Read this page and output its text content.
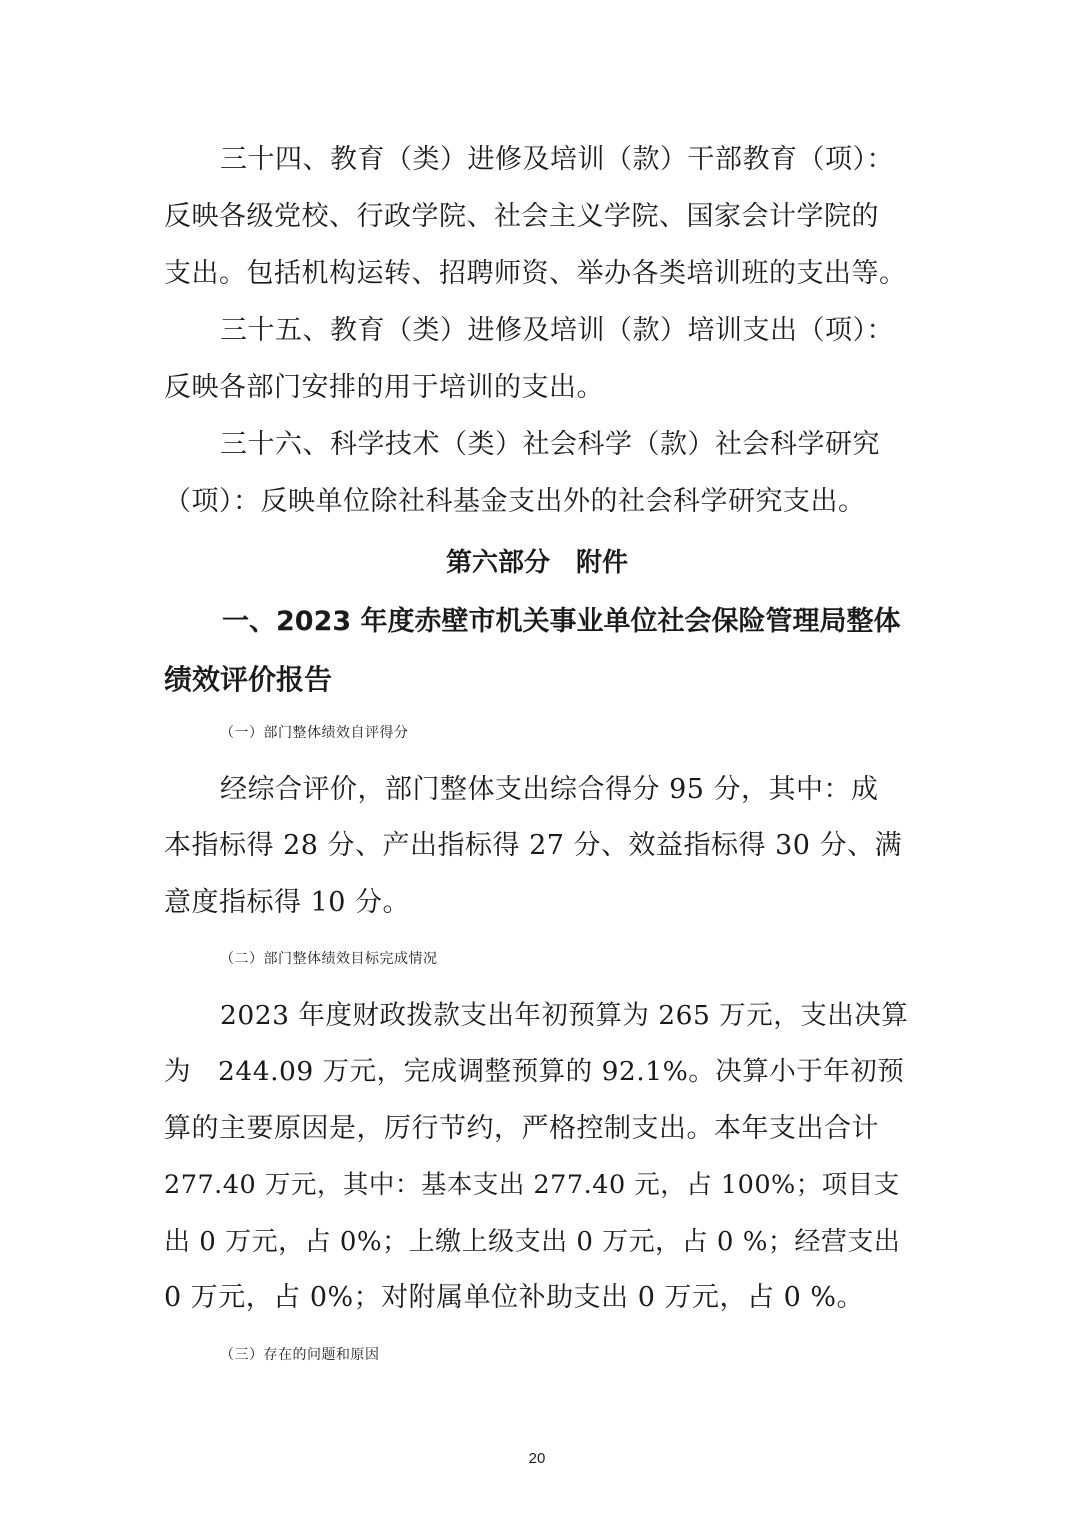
三十四、教育（类）进修及培训（款）干部教育（项）：
反映各级党校、行政学院、社会主义学院、国家会计学院的
支出。包括机构运转、招聘师资、举办各类培训班的支出等。
三十五、教育（类）进修及培训（款）培训支出（项）：
反映各部门安排的用于培训的支出。
三十六、科学技术（类）社会科学（款）社会科学研究
（项）：反映单位除社科基金支出外的社会科学研究支出。
第六部分　附件
一、2023 年度赤壁市机关事业单位社会保险管理局整体
绩效评价报告
（一）部门整体绩效自评得分
经综合评价，部门整体支出综合得分 95 分，其中：成
本指标得 28 分、产出指标得 27 分、效益指标得 30 分、满
意度指标得 10 分。
（二）部门整体绩效目标完成情况
2023 年度财政拨款支出年初预算为 265 万元，支出决算
为　244.09 万元，完成调整预算的 92.1%。决算小于年初预
算的主要原因是，厉行节约，严格控制支出。本年支出合计
277.40 万元，其中：基本支出 277.40 元，占 100%；项目支
出 0 万元，占 0%；上缴上级支出 0 万元，占 0 %；经营支出
0 万元，占 0%；对附属单位补助支出 0 万元，占 0 %。
（三）存在的问题和原因
20
